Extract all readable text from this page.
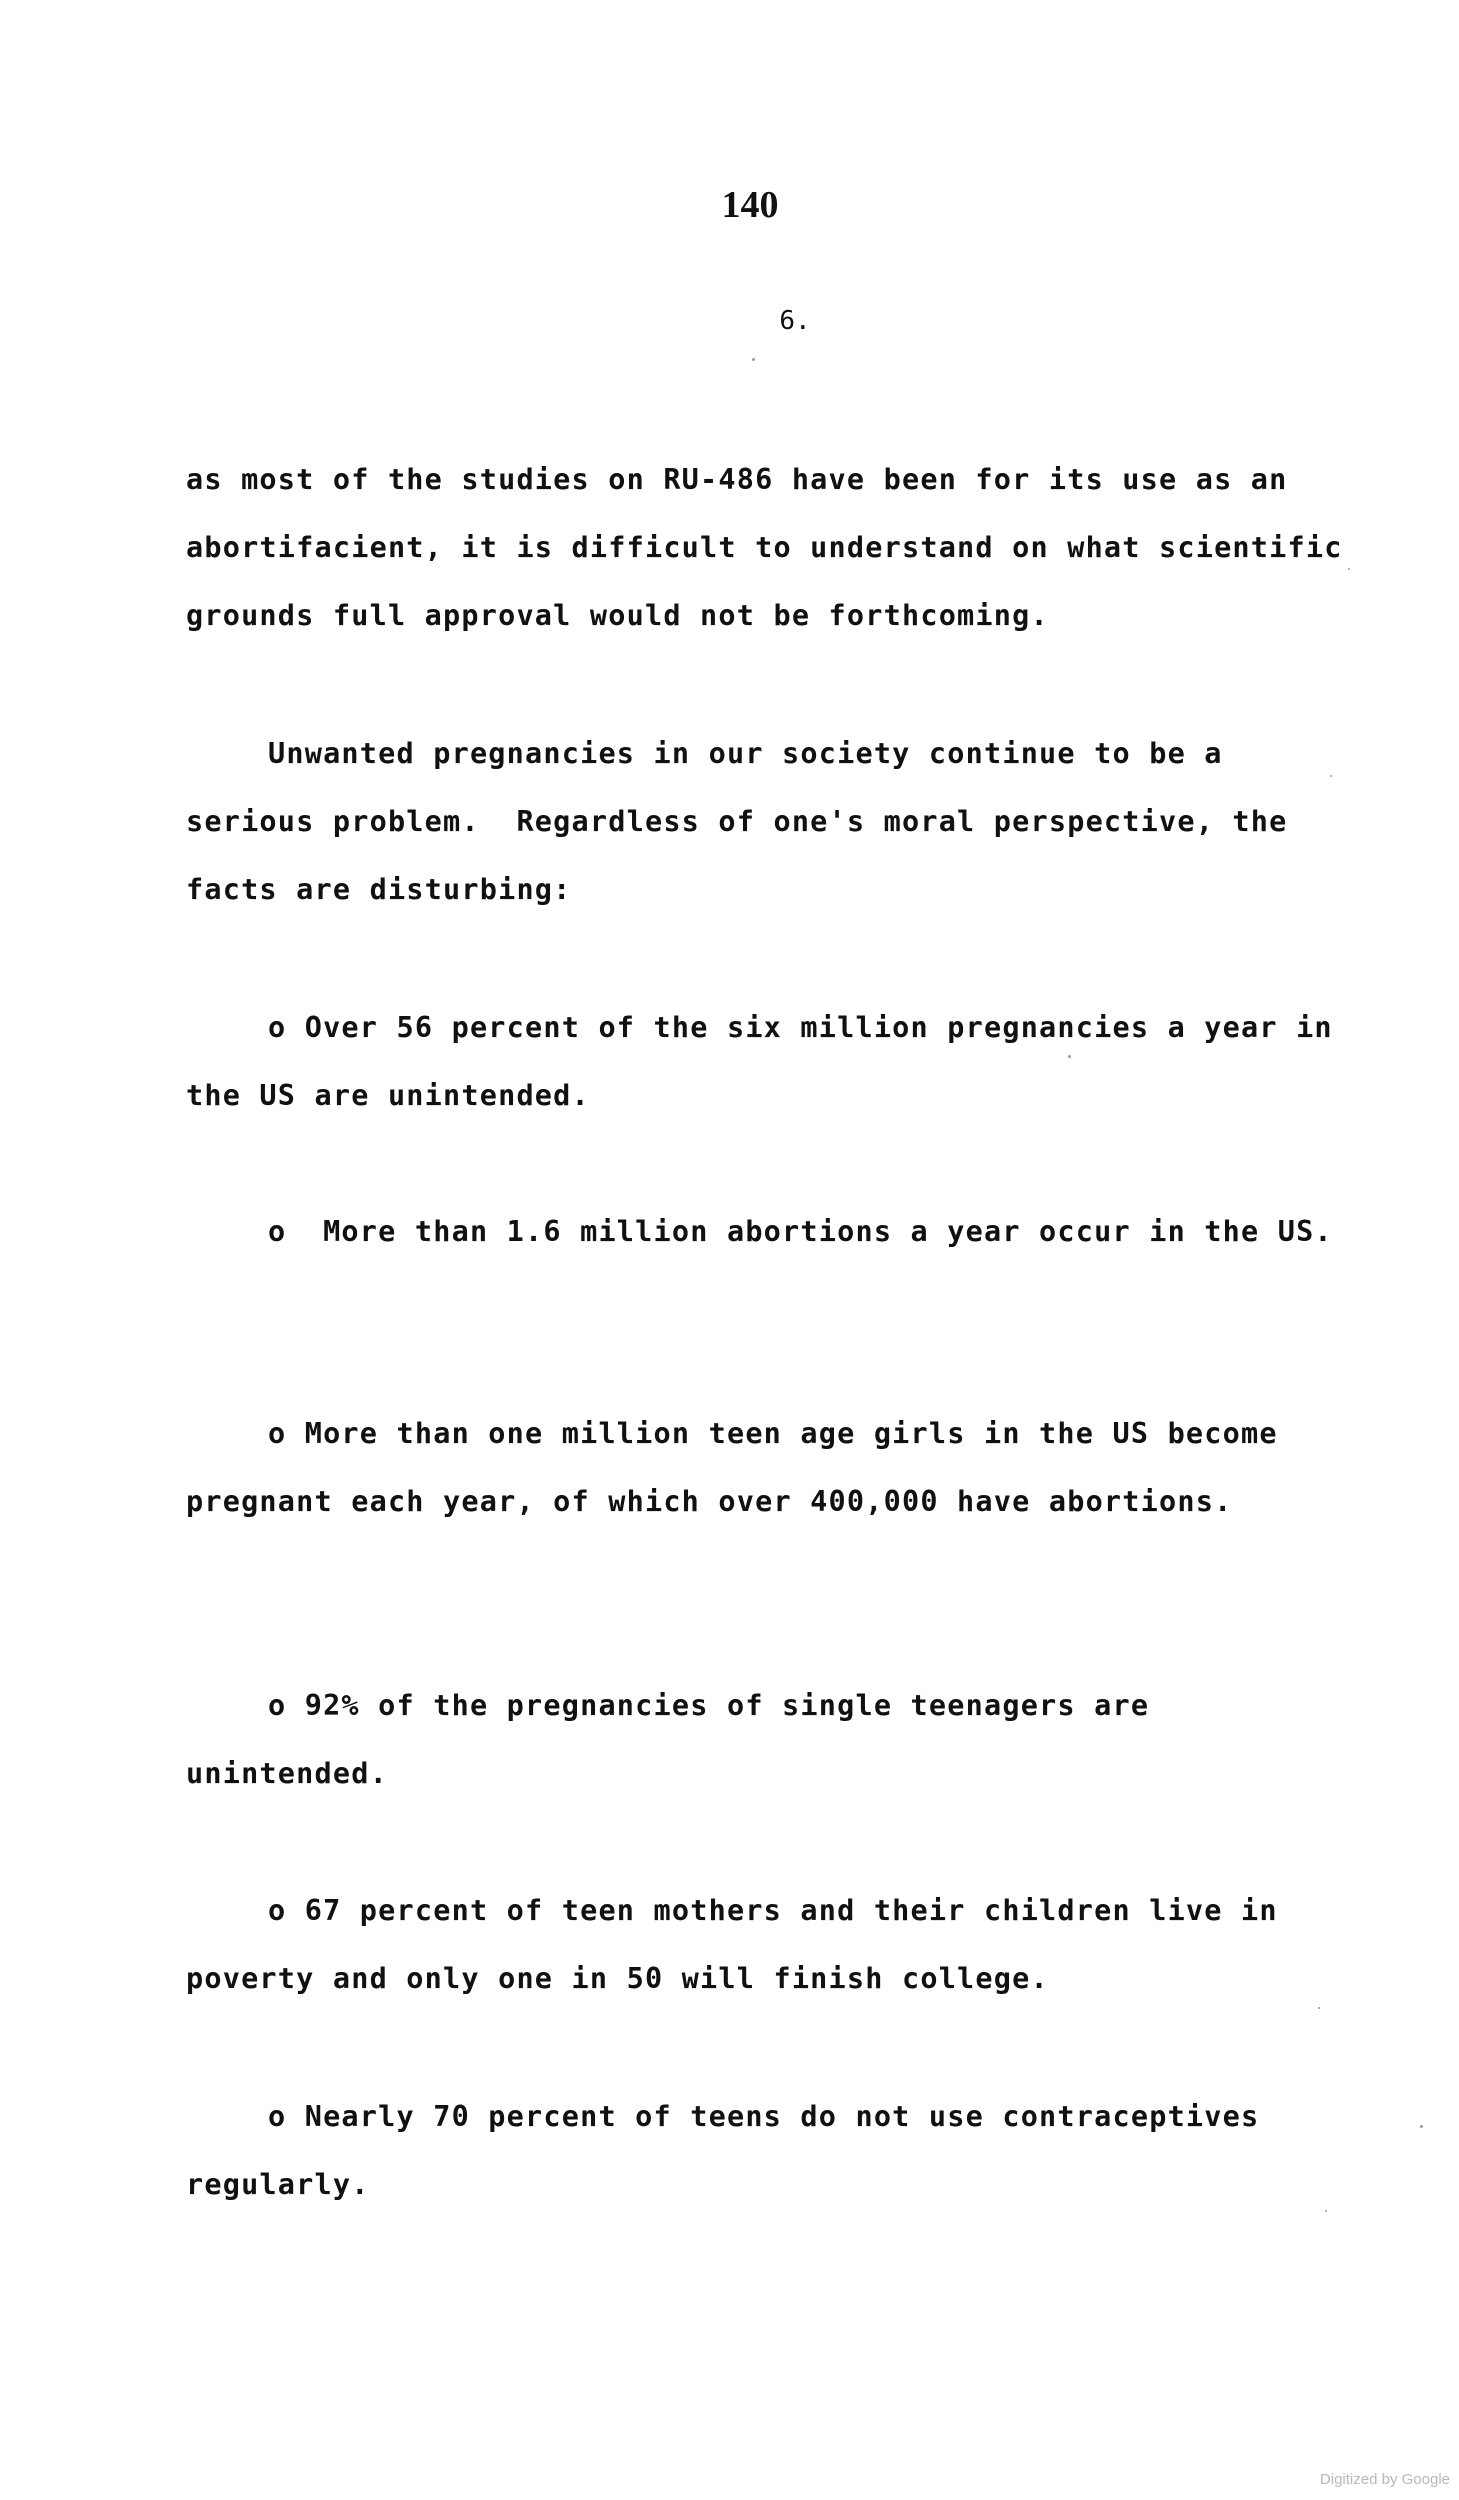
140
6.

as most of the studies on RU-486 have been for its use as an abortifacient, it is difficult to understand on what scientific grounds full approval would not be forthcoming.

Unwanted pregnancies in our society continue to be a serious problem.  Regardless of one's moral perspective, the facts are disturbing:

o Over 56 percent of the six million pregnancies a year in the US are unintended.

o  More than 1.6 million abortions a year occur in the US.

o More than one million teen age girls in the US become pregnant each year, of which over 400,000 have abortions.

o 92% of the pregnancies of single teenagers are unintended.

o 67 percent of teen mothers and their children live in poverty and only one in 50 will finish college.

o Nearly 70 percent of teens do not use contraceptives regularly.

Digitized by Google
